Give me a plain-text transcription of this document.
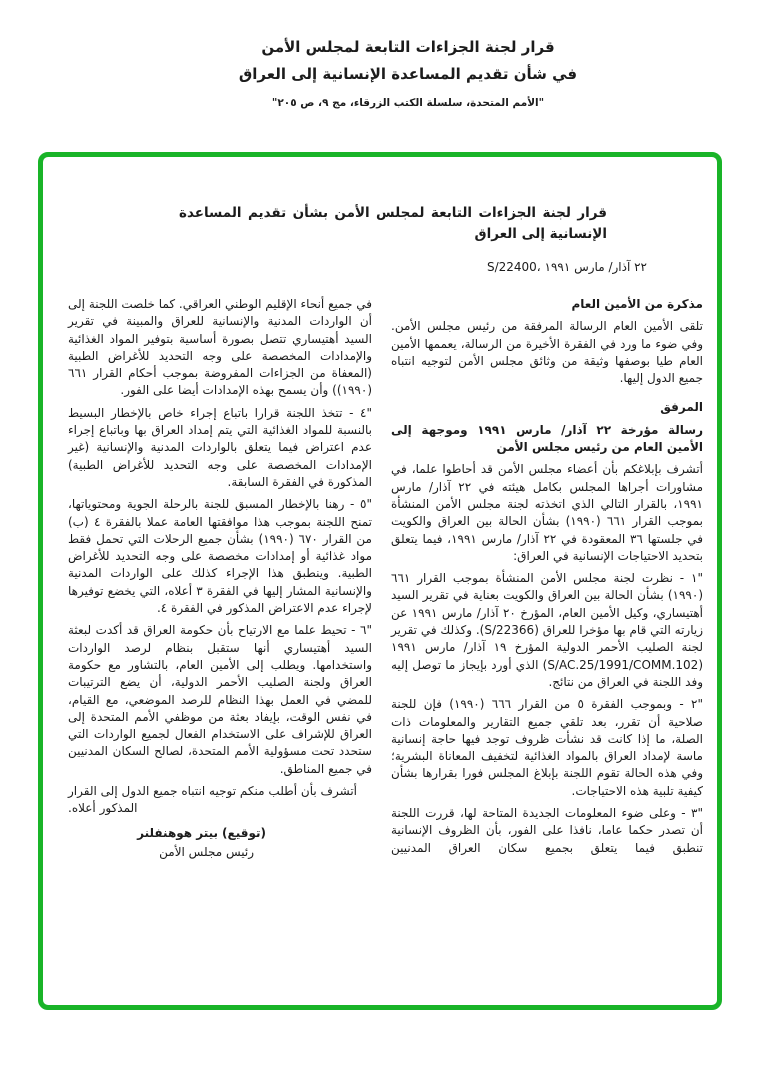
قرار لجنة الجزاءات التابعة لمجلس الأمن
في شأن تقديم المساعدة الإنسانية إلى العراق
"الأمم المتحدة، سلسلة الكتب الزرقاء، مج ٩، ص ٢٠٥"
قرار لجنة الجزاءات التابعة لمجلس الأمن بشأن تقديم المساعدة الإنسانية إلى العراق
S/22400، ٢٢ آذار/ مارس ١٩٩١

مذكرة من الأمين العام

تلقى الأمين العام الرسالة المرفقة من رئيس مجلس الأمن. وفي ضوء ما ورد في الفقرة الأخيرة من الرسالة، يعممها الأمين العام طيا بوصفها وثيقة من وثائق مجلس الأمن لتوجيه انتباه جميع الدول إليها.

المرفق

رسالة مؤرخة ٢٢ آذار/ مارس ١٩٩١ وموجهة إلى الأمين العام من رئيس مجلس الأمن

أتشرف بإبلاغكم بأن أعضاء مجلس الأمن قد أحاطوا علما، في مشاورات أجراها المجلس بكامل هيئته في ٢٢ آذار/ مارس ١٩٩١، بالقرار التالي الذي اتخذته لجنة مجلس الأمن المنشأة بموجب القرار ٦٦١ (١٩٩٠) بشأن الحالة بين العراق والكويت في جلستها ٣٦ المعقودة في ٢٢ آذار/ مارس ١٩٩١، فيما يتعلق بتحديد الاحتياجات الإنسانية في العراق:

"١ - نظرت لجنة مجلس الأمن المنشأة بموجب القرار ٦٦١ (١٩٩٠) بشأن الحالة بين العراق والكويت بعناية في تقرير السيد أهتيساري، وكيل الأمين العام، المؤرخ ٢٠ آذار/ مارس ١٩٩١ عن زيارته التي قام بها مؤخرا للعراق (S/22366). وكذلك في تقرير لجنة الصليب الأحمر الدولية المؤرخ ١٩ آذار/ مارس ١٩٩١ (S/AC.25/1991/COMM.102) الذي أورد بإيجاز ما توصل إليه وفد اللجنة في العراق من نتائج.

"٢ - وبموجب الفقرة ٥ من القرار ٦٦٦ (١٩٩٠) فإن للجنة صلاحية أن تقرر، بعد تلقي جميع التقارير والمعلومات ذات الصلة، ما إذا كانت قد نشأت ظروف توجد فيها حاجة إنسانية ماسة لإمداد العراق بالمواد الغذائية لتخفيف المعاناة البشرية؛ وفي هذه الحالة تقوم اللجنة بإبلاغ المجلس فورا بقرارها بشأن كيفية تلبية هذه الاحتياجات.

"٣ - وعلى ضوء المعلومات الجديدة المتاحة لها، قررت اللجنة أن تصدر حكما عاما، نافذا على الفور، بأن الظروف الإنسانية تنطبق فيما يتعلق بجميع سكان العراق المدنيين

في جميع أنحاء الإقليم الوطني العراقي. كما خلصت اللجنة إلى أن الواردات المدنية والإنسانية للعراق والمبينة في تقرير السيد أهتيساري تتصل بصورة أساسية بتوفير المواد الغذائية والإمدادات المخصصة على وجه التحديد للأغراض الطبية (المعفاة من الجزاءات المفروضة بموجب أحكام القرار ٦٦١ (١٩٩٠)) وأن يسمح بهذه الإمدادات أيضا على الفور.

"٤ - تتخذ اللجنة قرارا باتباع إجراء خاص بالإخطار البسيط بالنسبة للمواد الغذائية التي يتم إمداد العراق بها وباتباع إجراء عدم اعتراض فيما يتعلق بالواردات المدنية والإنسانية (غير الإمدادات المخصصة على وجه التحديد للأغراض الطبية) المذكورة في الفقرة السابقة.

"٥ - رهنا بالإخطار المسبق للجنة بالرحلة الجوية ومحتوياتها، تمنح اللجنة بموجب هذا موافقتها العامة عملا بالفقرة ٤ (ب) من القرار ٦٧٠ (١٩٩٠) بشأن جميع الرحلات التي تحمل فقط مواد غذائية أو إمدادات مخصصة على وجه التحديد للأغراض الطبية. وينطبق هذا الإجراء كذلك على الواردات المدنية والإنسانية المشار إليها في الفقرة ٣ أعلاه، التي يخضع توفيرها لإجراء عدم الاعتراض المذكور في الفقرة ٤.

"٦ - تحيط علما مع الارتياح بأن حكومة العراق قد أكدت لبعثة السيد أهتيساري أنها ستقبل بنظام لرصد الواردات واستخدامها. ويطلب إلى الأمين العام، بالتشاور مع حكومة العراق ولجنة الصليب الأحمر الدولية، أن يضع الترتيبات للمضي في العمل بهذا النظام للرصد الموضعي، مع القيام، في نفس الوقت، بإيفاد بعثة من موظفي الأمم المتحدة إلى العراق للإشراف على الاستخدام الفعال لجميع الواردات التي ستحدد تحت مسؤولية الأمم المتحدة، لصالح السكان المدنيين في جميع المناطق.

أتشرف بأن أطلب منكم توجيه انتباه جميع الدول إلى القرار المذكور أعلاه.

(توقيع)بيتر هوهنفلنر
رئيس مجلس الأمن
